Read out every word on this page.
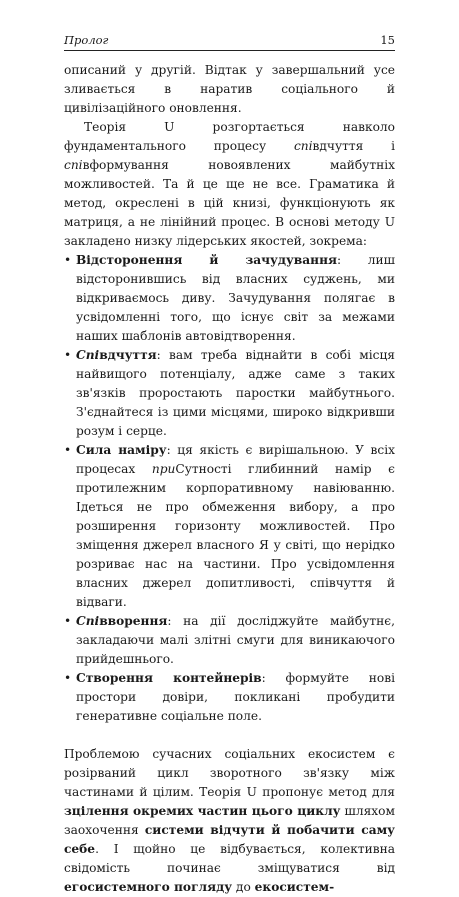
Пролог	15

описаний у другій. Відтак у завершальний усе зливається в наратив соціального й цивілізаційного оновлення.

Теорія U розгортається навколо фундаментального процесу співдчуття і співформування новоявлених майбутніх можливостей. Та й це ще не все. Граматика й метод, окреслені в цій книзі, функціонують як матриця, а не лінійний процес. В основі методу U закладено низку лідерських якостей, зокрема:

• Відсторонення й зачудування: лиш відсторонившись від власних суджень, ми відкриваємось диву. Зачудування полягає в усвідомленні того, що існує світ за межами наших шаблонів автовідтворення.
• Співдчуття: вам треба віднайти в собі місця найвищого потенціалу, адже саме з таких зв'язків проростають паростки майбутнього. З'єднайтеся із цими місцями, широко відкривши розум і серце.
• Сила наміру: ця якість є вирішальною. У всіх процесах приСутності глибинний намір є протилежним корпоративному навіюванню. Ідеться не про обмеження вибору, а про розширення горизонту можливостей. Про зміщення джерел власного Я у світі, що нерідко розриває нас на частини. Про усвідомлення власних джерел допитливості, співчуття й відваги.
• Співворення: на дії досліджуйте майбутнє, закладаючи малі злітні смуги для виникаючого прийдешнього.
• Створення контейнерів: формуйте нові простори довіри, покликані пробудити генеративне соціальне поле.

Проблемою сучасних соціальних екосистем є розірваний цикл зворотного зв'язку між частинами й цілим. Теорія U пропонує метод для зцілення окремих частин цього циклу шляхом заохочення системи відчути й побачити саму себе. І щойно це відбувається, колективна свідомість починає зміщуватися від егосистемного погляду до екосистем-
